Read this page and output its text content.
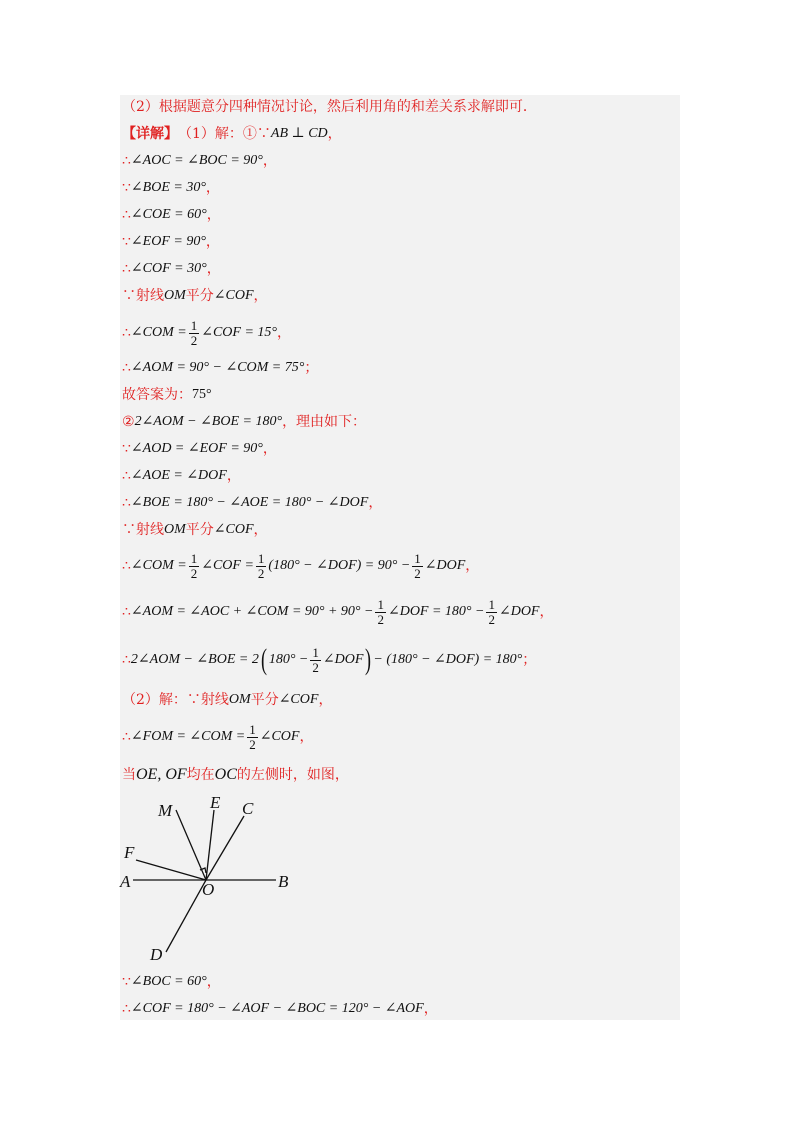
（2）根据题意分四种情况讨论，然后利用角的和差关系求解即可．
【详解】 （1）解：①∵ AB ⊥ CD ，
∴ ∠AOC = ∠BOC = 90° ，
∵ ∠BOE = 30° ，
∴ ∠COE = 60° ，
∵ ∠EOF = 90° ，
∴ ∠COF = 30° ，
∵射线 OM 平分 ∠COF ，
∴ ∠COM = $\frac{1}{2}$ ∠COF = 15° ，
∴ ∠AOM = 90° − ∠COM = 75° ；
故答案为： 75°
② 2∠AOM − ∠BOE = 180° ，理由如下：
∵ ∠AOD = ∠EOF = 90° ，
∴ ∠AOE = ∠DOF ，
∴ ∠BOE = 180° − ∠AOE = 180° − ∠DOF ，
∵射线 OM 平分 ∠COF ，
∴ ∠COM = $\frac{1}{2}$ ∠COF = $\frac{1}{2} (180^\circ$ − ∠DOF) = $90^\circ - \frac{1}{2}$ ∠DOF ，
∴ ∠AOM = ∠AOC + ∠COM = $90^\circ + 90^\circ - \frac{1}{2}$ ∠DOF = $180^\circ - \frac{1}{2}$ ∠DOF ，
∴ 2∠AOM − ∠BOE = 2 ( $180^\circ - \frac{1}{2}$ ∠DOF ) − (180° − ∠DOF) = 180° ；
（2）解：∵射线 OM 平分 ∠COF ，
∴ ∠FOM = ∠COM = $\frac{1}{2}$ ∠COF ，
当 OE, OF 均在 OC 的左侧时，如图，
M E C
F
A	O	B
D
∵ ∠BOC = 60° ，
∴ ∠COF = 180° − ∠AOF − ∠BOC = 120° − ∠AOF ，
